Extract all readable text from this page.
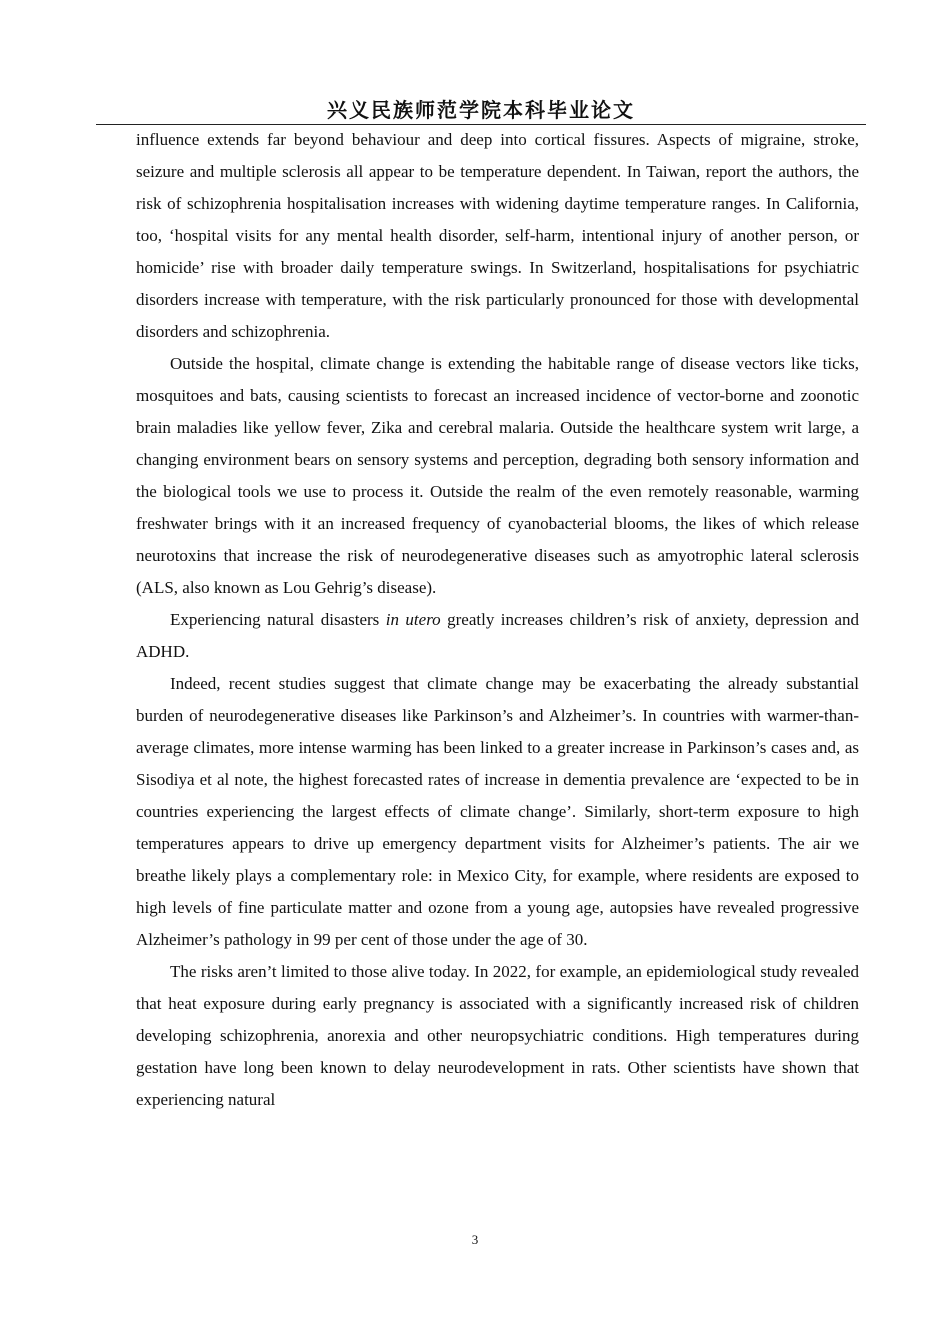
兴义民族师范学院本科毕业论文

influence extends far beyond behaviour and deep into cortical fissures. Aspects of migraine, stroke, seizure and multiple sclerosis all appear to be temperature dependent. In Taiwan, report the authors, the risk of schizophrenia hospitalisation increases with widening daytime temperature ranges. In California, too, ‘hospital visits for any mental health disorder, self-harm, intentional injury of another person, or homicide’ rise with broader daily temperature swings. In Switzerland, hospitalisations for psychiatric disorders increase with temperature, with the risk particularly pronounced for those with developmental disorders and schizophrenia.

Outside the hospital, climate change is extending the habitable range of disease vectors like ticks, mosquitoes and bats, causing scientists to forecast an increased incidence of vector-borne and zoonotic brain maladies like yellow fever, Zika and cerebral malaria. Outside the healthcare system writ large, a changing environment bears on sensory systems and perception, degrading both sensory information and the biological tools we use to process it. Outside the realm of the even remotely reasonable, warming freshwater brings with it an increased frequency of cyanobacterial blooms, the likes of which release neurotoxins that increase the risk of neurodegenerative diseases such as amyotrophic lateral sclerosis (ALS, also known as Lou Gehrig’s disease).

Experiencing natural disasters in utero greatly increases children’s risk of anxiety, depression and ADHD.

Indeed, recent studies suggest that climate change may be exacerbating the already substantial burden of neurodegenerative diseases like Parkinson’s and Alzheimer’s. In countries with warmer-than-average climates, more intense warming has been linked to a greater increase in Parkinson’s cases and, as Sisodiya et al note, the highest forecasted rates of increase in dementia prevalence are ‘expected to be in countries experiencing the largest effects of climate change’. Similarly, short-term exposure to high temperatures appears to drive up emergency department visits for Alzheimer’s patients. The air we breathe likely plays a complementary role: in Mexico City, for example, where residents are exposed to high levels of fine particulate matter and ozone from a young age, autopsies have revealed progressive Alzheimer’s pathology in 99 per cent of those under the age of 30.

The risks aren’t limited to those alive today. In 2022, for example, an epidemiological study revealed that heat exposure during early pregnancy is associated with a significantly increased risk of children developing schizophrenia, anorexia and other neuropsychiatric conditions. High temperatures during gestation have long been known to delay neurodevelopment in rats. Other scientists have shown that experiencing natural

3
